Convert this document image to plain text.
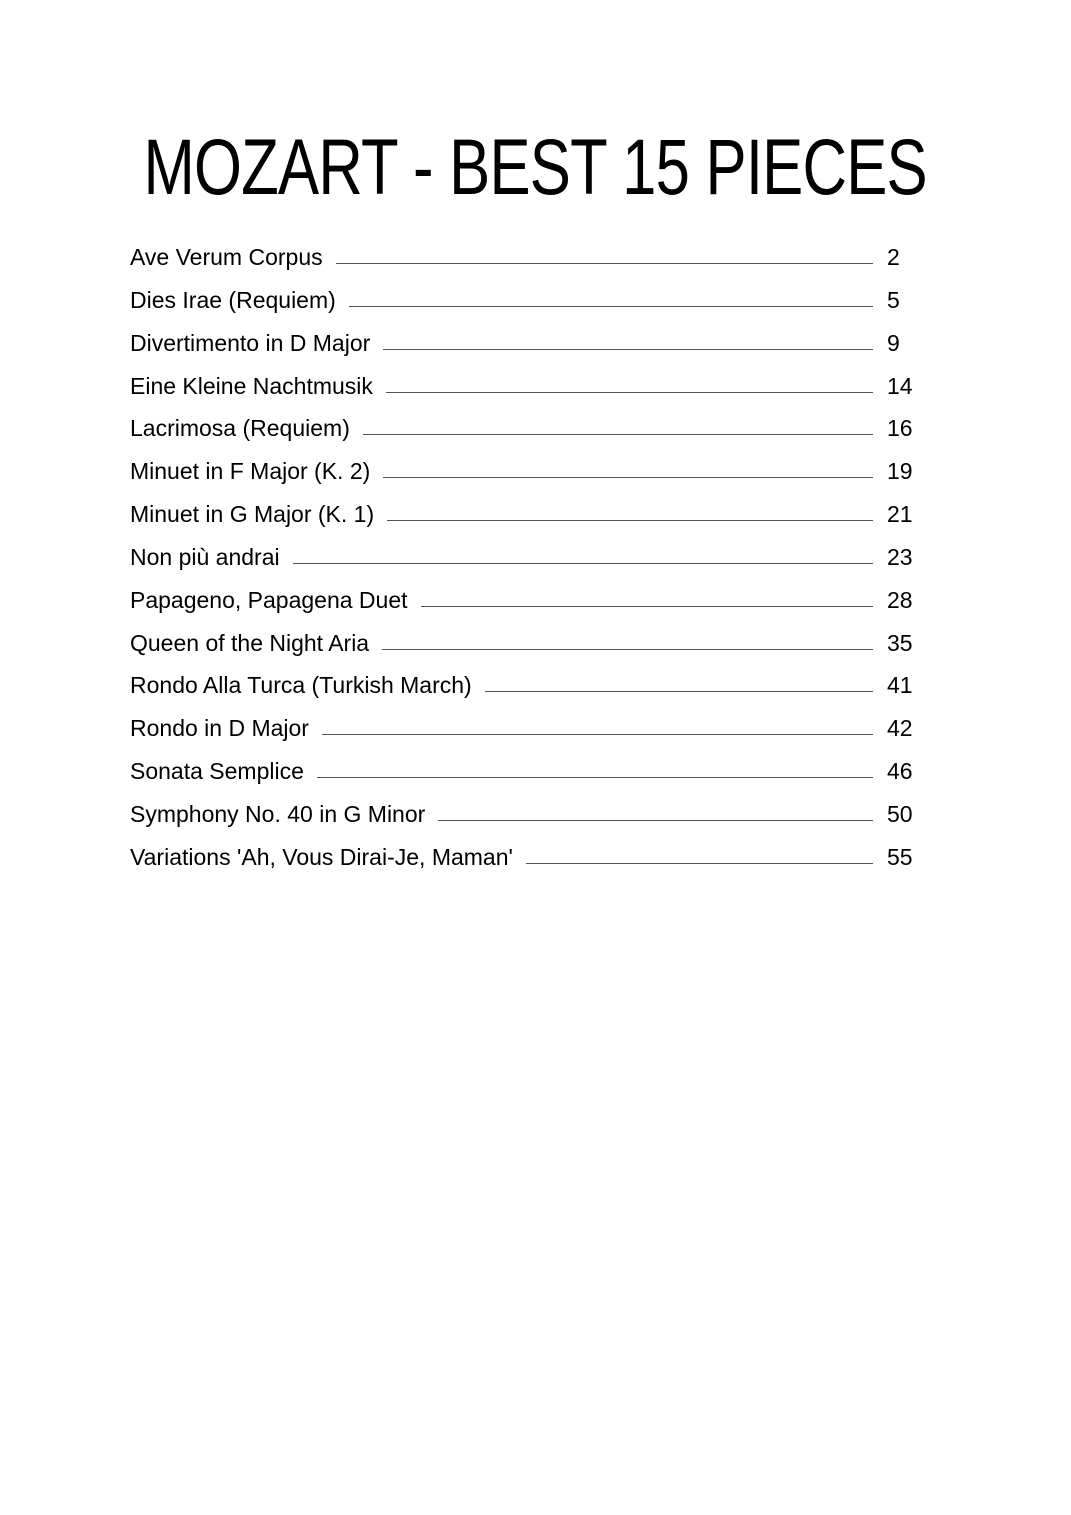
MOZART - BEST 15 PIECES
Ave Verum Corpus	2
Dies Irae (Requiem)	5
Divertimento in D Major	9
Eine Kleine Nachtmusik	14
Lacrimosa (Requiem)	16
Minuet in F Major (K. 2)	19
Minuet in G Major (K. 1)	21
Non più andrai	23
Papageno, Papagena Duet	28
Queen of the Night Aria	35
Rondo Alla Turca (Turkish March)	41
Rondo in D Major	42
Sonata Semplice	46
Symphony No. 40 in G Minor	50
Variations 'Ah, Vous Dirai-Je, Maman'	55
